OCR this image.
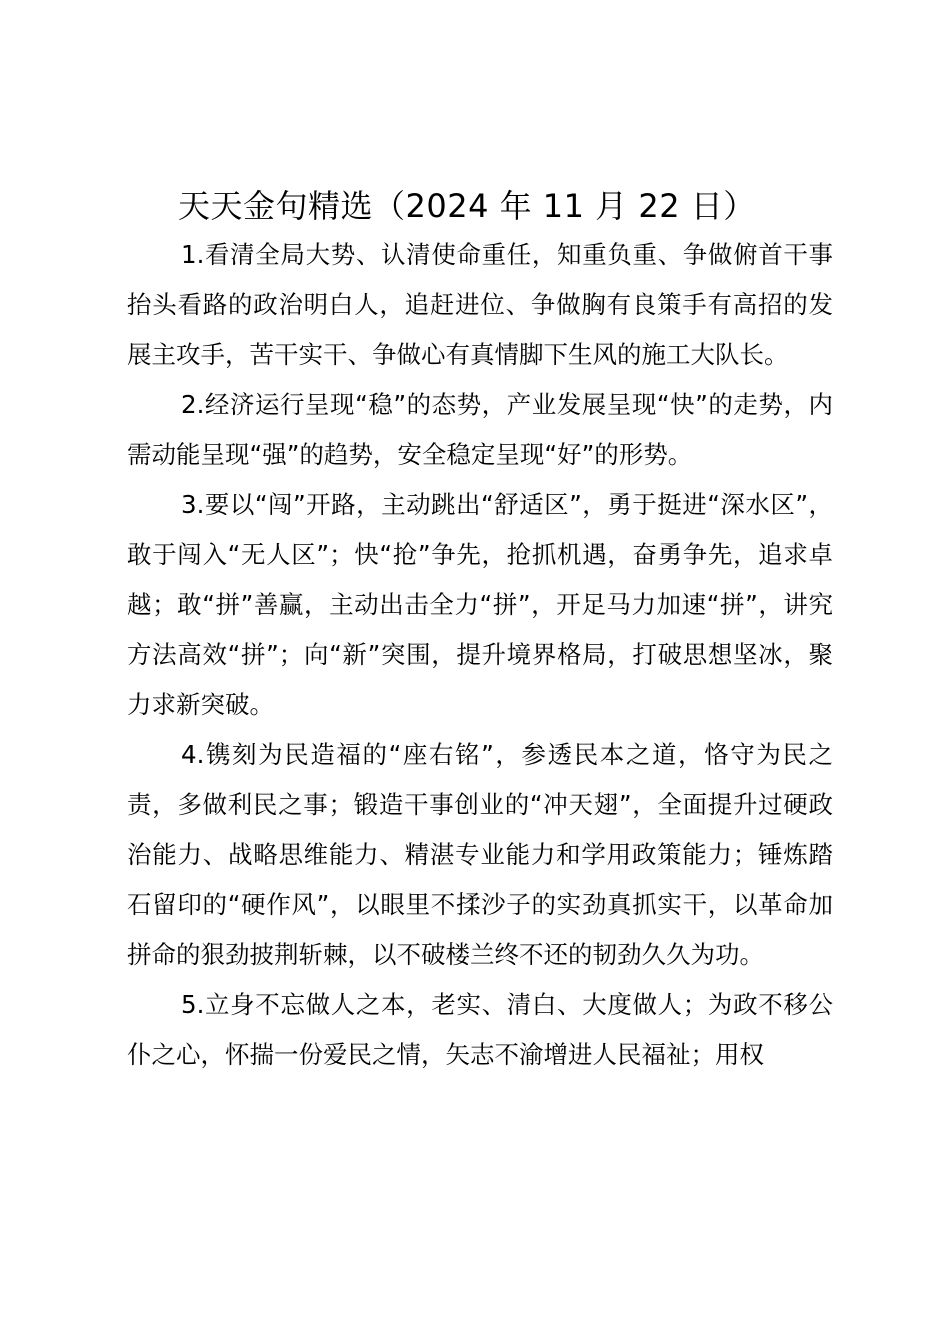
天天金句精选（2024 年 11 月 22 日）

1.看清全局大势、认清使命重任，知重负重、争做俯首干事抬头看路的政治明白人，追赶进位、争做胸有良策手有高招的发展主攻手，苦干实干、争做心有真情脚下生风的施工大队长。

2.经济运行呈现“稳”的态势，产业发展呈现“快”的走势，内需动能呈现“强”的趋势，安全稳定呈现“好”的形势。

3.要以“闯”开路，主动跳出“舒适区”，勇于挺进“深水区”，敢于闯入“无人区”；快“抢”争先，抢抓机遇，奋勇争先，追求卓越；敢“拼”善赢，主动出击全力“拼”，开足马力加速“拼”，讲究方法高效“拼”；向“新”突围，提升境界格局，打破思想坚冰，聚力求新突破。

4.镌刻为民造福的“座右铭”，参透民本之道，恪守为民之责，多做利民之事；锻造干事创业的“冲天翅”，全面提升过硬政治能力、战略思维能力、精湛专业能力和学用政策能力；锤炼踏石留印的“硬作风”，以眼里不揉沙子的实劲真抓实干，以革命加拼命的狠劲披荆斩棘，以不破楼兰终不还的韧劲久久为功。

5.立身不忘做人之本，老实、清白、大度做人；为政不移公仆之心，怀揣一份爱民之情，矢志不渝增进人民福祉；用权
